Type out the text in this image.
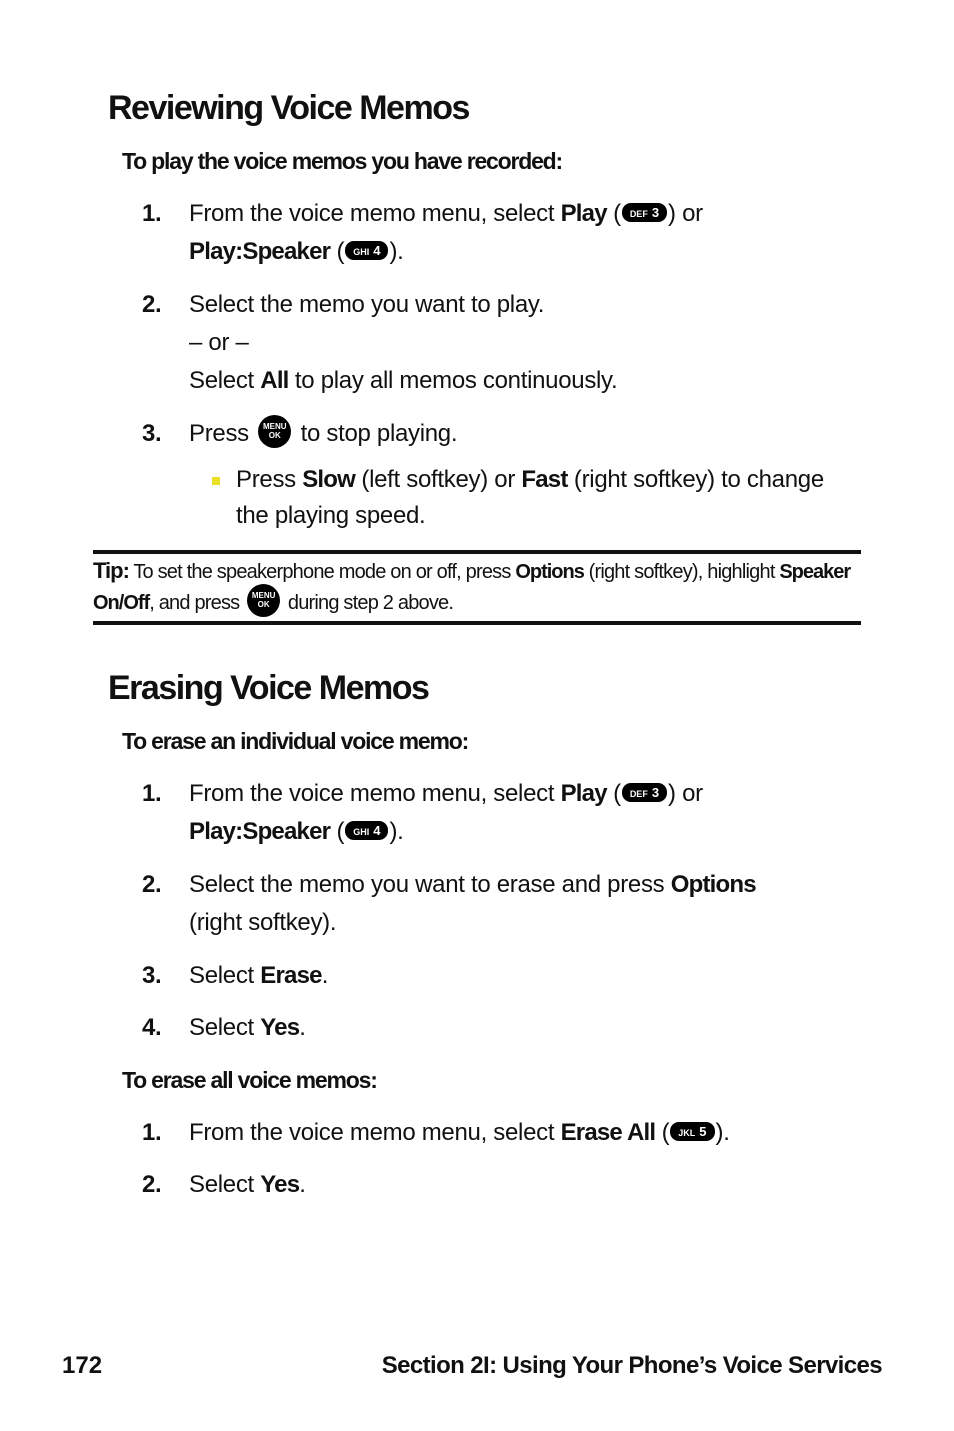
Reviewing Voice Memos
To play the voice memos you have recorded:
1. From the voice memo menu, select Play ( DEF 3 ) or
Play:Speaker ( GHI 4 ).
2. Select the memo you want to play.
– or –
Select All to play all memos continuously.
3. Press MENU
OK to stop playing.
Press Slow (left softkey) or Fast (right softkey) to change the playing speed.
Tip: To set the speakerphone mode on or off, press Options (right softkey), highlight Speaker On/Off, and press MENU
OK during step 2 above.
Erasing Voice Memos
To erase an individual voice memo:
1. From the voice memo menu, select Play ( DEF 3 ) or
Play:Speaker ( GHI 4 ).
2. Select the memo you want to erase and press Options
(right softkey).
3. Select Erase.
4. Select Yes.
To erase all voice memos:
1. From the voice memo menu, select Erase All ( JKL 5 ).
2. Select Yes.
172	Section 2I: Using Your Phone’s Voice Services
